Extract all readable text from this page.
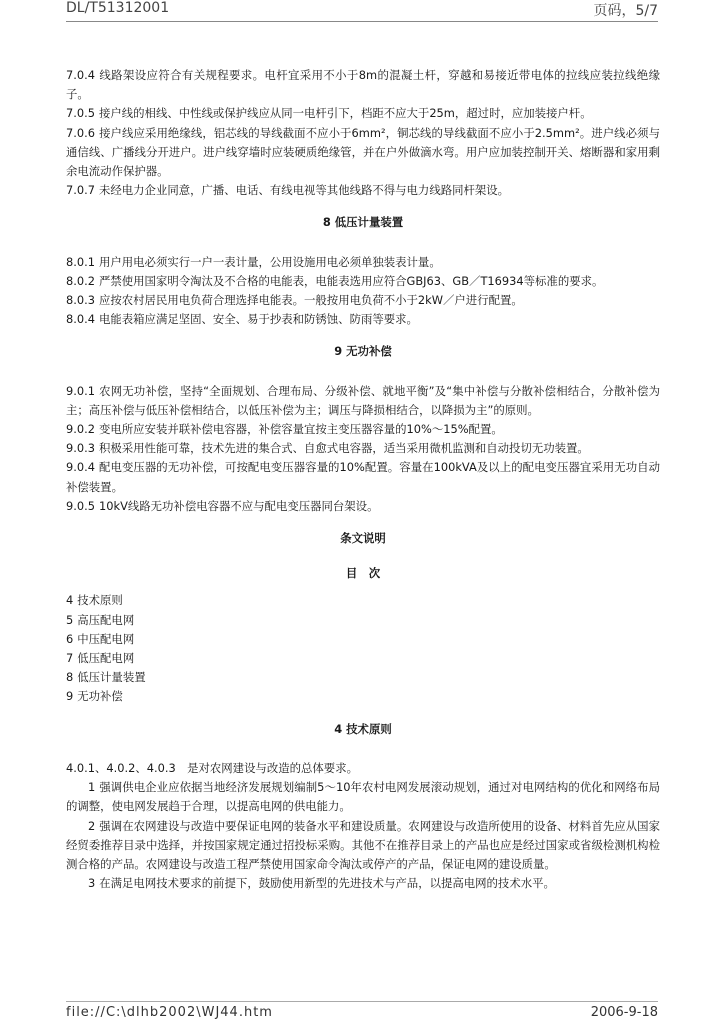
DL/T51312001	页码，5/7

7.0.4 线路架设应符合有关规程要求。电杆宜采用不小于8m的混凝土杆，穿越和易接近带电体的拉线应装拉线绝缘子。

7.0.5 接户线的相线、中性线或保护线应从同一电杆引下，档距不应大于25m，超过时，应加装接户杆。

7.0.6 接户线应采用绝缘线，铝芯线的导线截面不应小于6mm²，铜芯线的导线截面不应小于2.5mm²。进户线必须与通信线、广播线分开进户。进户线穿墙时应装硬质绝缘管，并在户外做滴水弯。用户应加装控制开关、熔断器和家用剩余电流动作保护器。

7.0.7 未经电力企业同意，广播、电话、有线电视等其他线路不得与电力线路同杆架设。

8 低压计量装置

8.0.1 用户用电必须实行一户一表计量，公用设施用电必须单独装表计量。

8.0.2 严禁使用国家明令淘汰及不合格的电能表，电能表选用应符合GBJ63、GB／T16934等标准的要求。

8.0.3 应按农村居民用电负荷合理选择电能表。一般按用电负荷不小于2kW／户进行配置。

8.0.4 电能表箱应满足坚固、安全、易于抄表和防锈蚀、防雨等要求。

9 无功补偿

9.0.1 农网无功补偿，坚持“全面规划、合理布局、分级补偿、就地平衡”及“集中补偿与分散补偿相结合，分散补偿为主；高压补偿与低压补偿相结合，以低压补偿为主；调压与降损相结合，以降损为主”的原则。

9.0.2 变电所应安装并联补偿电容器，补偿容量宜按主变压器容量的10%～15%配置。

9.0.3 积极采用性能可靠，技术先进的集合式、自愈式电容器，适当采用微机监测和自动投切无功装置。

9.0.4 配电变压器的无功补偿，可按配电变压器容量的10%配置。容量在100kVA及以上的配电变压器宜采用无功自动补偿装置。

9.0.5 10kV线路无功补偿电容器不应与配电变压器同台架设。

条文说明

目　次

4 技术原则

5 高压配电网

6 中压配电网

7 低压配电网

8 低压计量装置

9 无功补偿

4 技术原则

4.0.1、4.0.2、4.0.3　是对农网建设与改造的总体要求。

1 强调供电企业应依据当地经济发展规划编制5～10年农村电网发展滚动规划，通过对电网结构的优化和网络布局的调整，使电网发展趋于合理，以提高电网的供电能力。

2 强调在农网建设与改造中要保证电网的装备水平和建设质量。农网建设与改造所使用的设备、材料首先应从国家经贸委推荐目录中选择，并按国家规定通过招投标采购。其他不在推荐目录上的产品也应是经过国家或省级检测机构检测合格的产品。农网建设与改造工程严禁使用国家命令淘汰或停产的产品，保证电网的建设质量。

3 在满足电网技术要求的前提下，鼓励使用新型的先进技术与产品，以提高电网的技术水平。

file://C:\dlhb2002\WJ44.htm	2006-9-18
